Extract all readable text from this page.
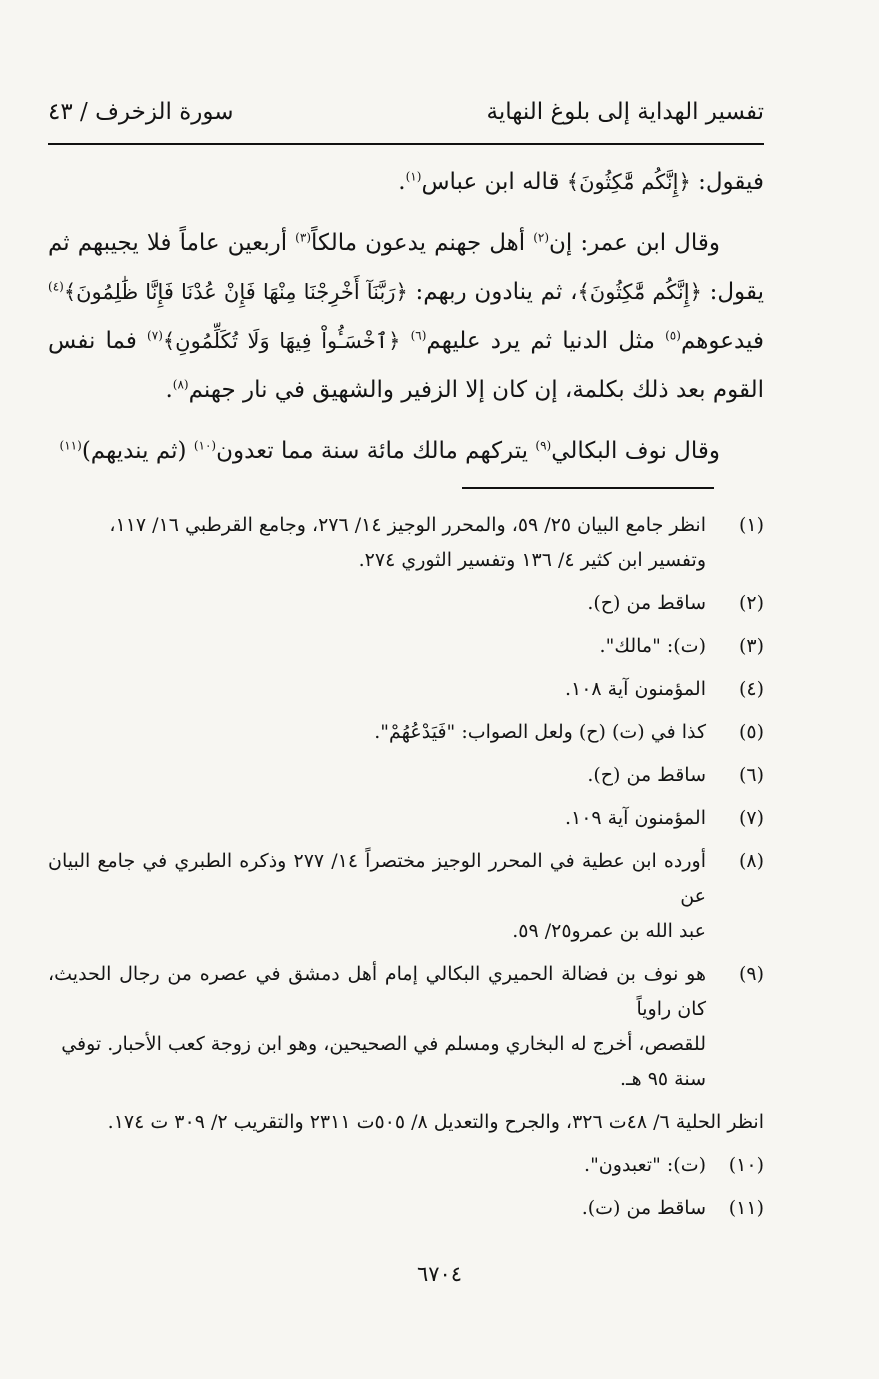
تفسير الهداية إلى بلوغ النهاية
سورة الزخرف / ٤٣

فيقول: ﴿إِنَّكُم مَّٰكِثُونَ﴾ قاله ابن عباس$^{(١)}$.

وقال ابن عمر: إن$^{(٢)}$ أهل جهنم يدعون مالكاً$^{(٣)}$ أربعين عاماً فلا يجيبهم ثم يقول: ﴿إِنَّكُم مَّٰكِثُونَ﴾، ثم ينادون ربهم: ﴿رَبَّنَآ أَخْرِجْنَا مِنْهَا فَإِنْ عُدْنَا فَإِنَّا ظَٰلِمُونَ﴾$^{(٤)}$ فيدعوهم$^{(٥)}$ مثل الدنيا ثم يرد عليهم$^{(٦)}$ ﴿ٱخْسَـُٔواْ فِيهَا وَلَا تُكَلِّمُونِ﴾$^{(٧)}$ فما نفس القوم بعد ذلك بكلمة، إن كان إلا الزفير والشهيق في نار جهنم$^{(٨)}$.

وقال نوف البكالي$^{(٩)}$ يتركهم مالك مائة سنة مما تعدون$^{(١٠)}$ (ثم ينديهم)$^{(١١)}$

(١)
انظر جامع البيان ٢٥/ ٥٩، والمحرر الوجيز ١٤/ ٢٧٦، وجامع القرطبي ١٦/ ١١٧،
وتفسير ابن كثير ٤/ ١٣٦ وتفسير الثوري ٢٧٤.
(٢)
ساقط من (ح).
(٣)
(ت): "مالك".
(٤)
المؤمنون آية ١٠٨.
(٥)
كذا في (ت) (ح) ولعل الصواب: "فَيَدْعُهُمْ".
(٦)
ساقط من (ح).
(٧)
المؤمنون آية ١٠٩.
(٨)
أورده ابن عطية في المحرر الوجيز مختصراً ١٤/ ٢٧٧ وذكره الطبري في جامع البيان عن
عبد الله بن عمرو٢٥/ ٥٩.
(٩)
هو نوف بن فضالة الحميري البكالي إمام أهل دمشق في عصره من رجال الحديث، كان راوياً
للقصص، أخرج له البخاري ومسلم في الصحيحين، وهو ابن زوجة كعب الأحبار. توفي
سنة ٩٥ هـ.
انظر الحلية ٦/ ٤٨ت ٣٢٦، والجرح والتعديل ٨/ ٥٠٥ت ٢٣١١ والتقريب ٢/ ٣٠٩ ت ١٧٤.
(١٠)
(ت): "تعبدون".
(١١)
ساقط من (ت).
٦٧٠٤
